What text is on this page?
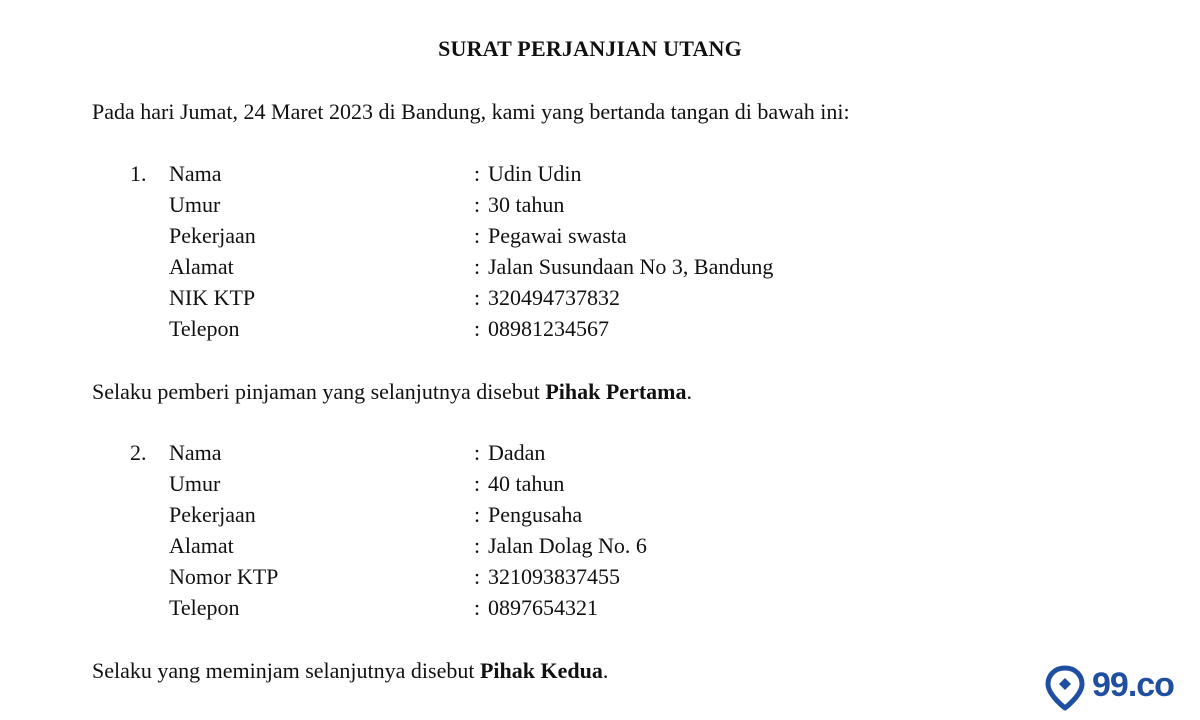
SURAT PERJANJIAN UTANG
Pada hari Jumat, 24 Maret 2023 di Bandung, kami yang bertanda tangan di bawah ini:
1. Nama	: Udin Udin
Umur	: 30 tahun
Pekerjaan	: Pegawai swasta
Alamat	: Jalan Susundaan No 3, Bandung
NIK KTP	: 320494737832
Telepon	: 08981234567
Selaku pemberi pinjaman yang selanjutnya disebut Pihak Pertama.
2. Nama	: Dadan
Umur	: 40 tahun
Pekerjaan	: Pengusaha
Alamat	: Jalan Dolag No. 6
Nomor KTP	: 321093837455
Telepon	: 0897654321
Selaku yang meminjam selanjutnya disebut Pihak Kedua.	99.co
